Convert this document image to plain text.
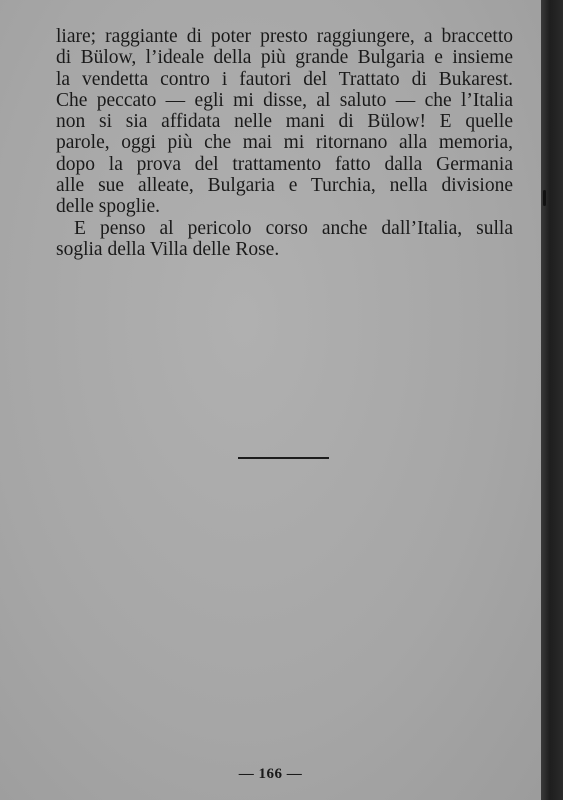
liare; raggiante di poter presto raggiungere, a braccetto
di Bülow, l’ideale della più grande Bulgaria e insieme
la vendetta contro i fautori del Trattato di Bukarest.
Che peccato — egli mi disse, al saluto — che l’Italia
non si sia affidata nelle mani di Bülow! E quelle
parole, oggi più che mai mi ritornano alla memoria,
dopo la prova del trattamento fatto dalla Germania
alle sue alleate, Bulgaria e Turchia, nella divisione
delle spoglie.
E penso al pericolo corso anche dall’Italia, sulla
soglia della Villa delle Rose.
— 166 —
